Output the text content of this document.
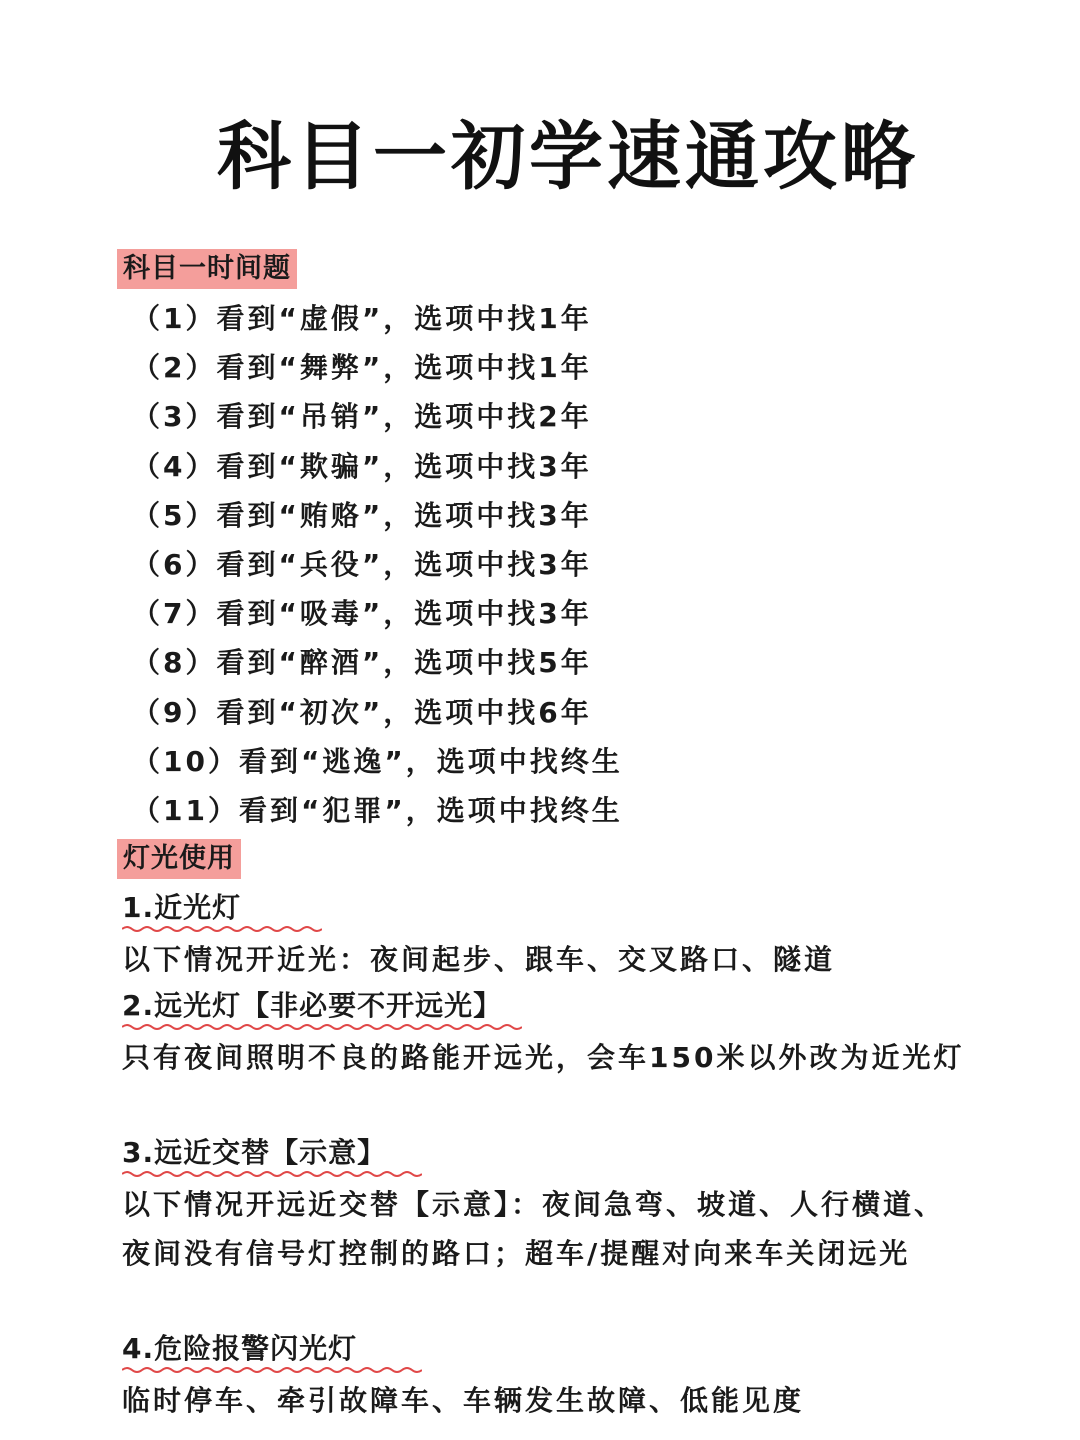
科目一初学速通攻略
科目一时间题
（1）看到“虚假”，选项中找1年
（2）看到“舞弊”，选项中找1年
（3）看到“吊销”，选项中找2年
（4）看到“欺骗”，选项中找3年
（5）看到“贿赂”，选项中找3年
（6）看到“兵役”，选项中找3年
（7）看到“吸毒”，选项中找3年
（8）看到“醉酒”，选项中找5年
（9）看到“初次”，选项中找6年
（10）看到“逃逸”，选项中找终生
（11）看到“犯罪”，选项中找终生
灯光使用
1.近光灯

以下情况开近光：夜间起步、跟车、交叉路口、隧道

2.远光灯【非必要不开远光】

只有夜间照明不良的路能开远光，会车150米以外改为近光灯

3.远近交替【示意】

以下情况开远近交替【示意】：夜间急弯、坡道、人行横道、夜间没有信号灯控制的路口；超车/提醒对向来车关闭远光

4.危险报警闪光灯

临时停车、牵引故障车、车辆发生故障、低能见度
